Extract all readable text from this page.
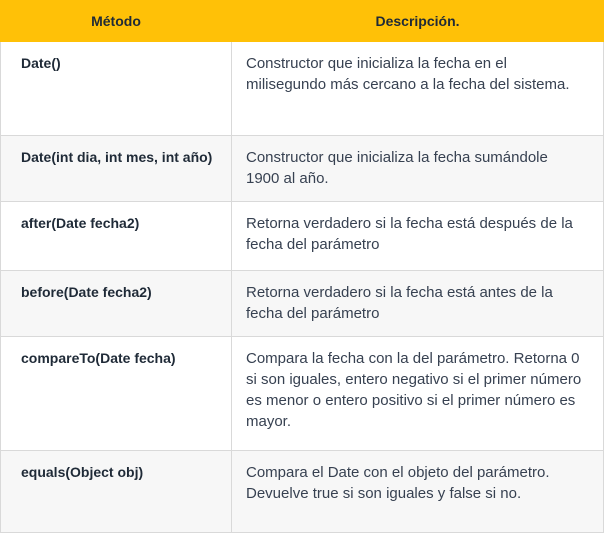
Método	Descripción.
Date()	Constructor que inicializa la fecha en el milisegundo más cercano a la fecha del sistema.
Date(int dia, int mes, int año)	Constructor que inicializa la fecha sumándole 1900 al año.
after(Date fecha2)	Retorna verdadero si la fecha está después de la fecha del parámetro
before(Date fecha2)	Retorna verdadero si la fecha está antes de la fecha del parámetro
compareTo(Date fecha)	Compara la fecha con la del parámetro. Retorna 0 si son iguales, entero negativo si el primer número es menor o entero positivo si el primer número es mayor.
equals(Object obj)	Compara el Date con el objeto del parámetro. Devuelve true si son iguales y false si no.
